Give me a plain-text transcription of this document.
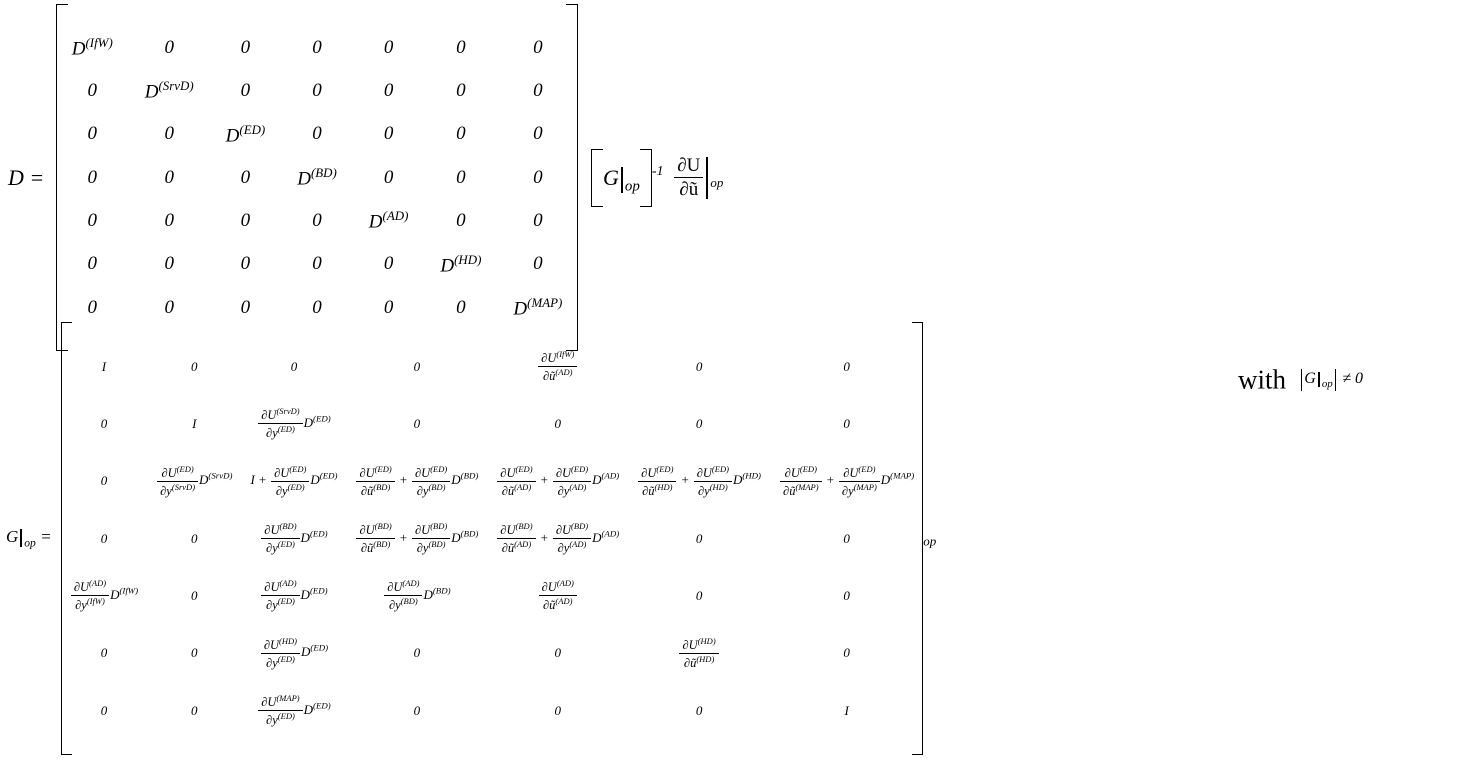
D =
$D^{(IfW)}$	0	0	0	0	0	0
0	$D^{(SrvD)}$	0	0	0	0	0
0	0	$D^{(ED)}$	0	0	0	0
0	0	0	$D^{(BD)}$	0	0	0
0	0	0	0	$D^{(AD)}$	0	0
0	0	0	0	0	$D^{(HD)}$	0
0	0	0	0	0	0	$D^{(MAP)}$
G $_{op}^{-1} \frac{\partial U}{\partial ũ} _{op}$
G $_{op}$ =
I	0	0	0	$\frac{\partial U^{(IfW)}}{\partial ũ^{(AD)}}$	0	0
0	I	$\frac{\partial U^{(SrvD)}}{\partial y^{(ED)}} D^{(ED)}$	0	0	0	0
0	$\frac{\partial U^{(ED)}}{\partial y^{(SrvD)}} D^{(SrvD)}$	$I + \frac{\partial U^{(ED)}}{\partial y^{(ED)}} D^{(ED)}$	$\frac{\partial U^{(ED)}}{\partial ũ^{(BD)}} + \frac{\partial U^{(ED)}}{\partial y^{(BD)}} D^{(BD)}$	$\frac{\partial U^{(ED)}}{\partial ũ^{(AD)}} + \frac{\partial U^{(ED)}}{\partial y^{(AD)}} D^{(AD)}$	$\frac{\partial U^{(ED)}}{\partial ũ^{(HD)}} + \frac{\partial U^{(ED)}}{\partial y^{(HD)}} D^{(HD)}$	$\frac{\partial U^{(ED)}}{\partial ũ^{(MAP)}} + \frac{\partial U^{(ED)}}{\partial y^{(MAP)}} D^{(MAP)}$
0	0	$\frac{\partial U^{(BD)}}{\partial y^{(ED)}} D^{(ED)}$	$\frac{\partial U^{(BD)}}{\partial ũ^{(BD)}} + \frac{\partial U^{(BD)}}{\partial y^{(BD)}} D^{(BD)}$	$\frac{\partial U^{(BD)}}{\partial ũ^{(AD)}} + \frac{\partial U^{(BD)}}{\partial y^{(AD)}} D^{(AD)}$	0	0

$\frac{\partial U^{(AD)}}{\partial y^{(IfW)}} D^{(IfW)}$	0	$\frac{\partial U^{(AD)}}{\partial y^{(ED)}} D^{(ED)}$	$\frac{\partial U^{(AD)}}{\partial y^{(BD)}} D^{(BD)}$	$\frac{\partial U^{(AD)}}{\partial ũ^{(AD)}}$	0	0
0	0	$\frac{\partial U^{(HD)}}{\partial y^{(ED)}} D^{(ED)}$	0	0	$\frac{\partial U^{(HD)}}{\partial ũ^{(HD)}}$	0
0	0	$\frac{\partial U^{(MAP)}}{\partial y^{(ED)}} D^{(ED)}$	0	0	0	I
op
with G $_{op}$ ≠ 0
